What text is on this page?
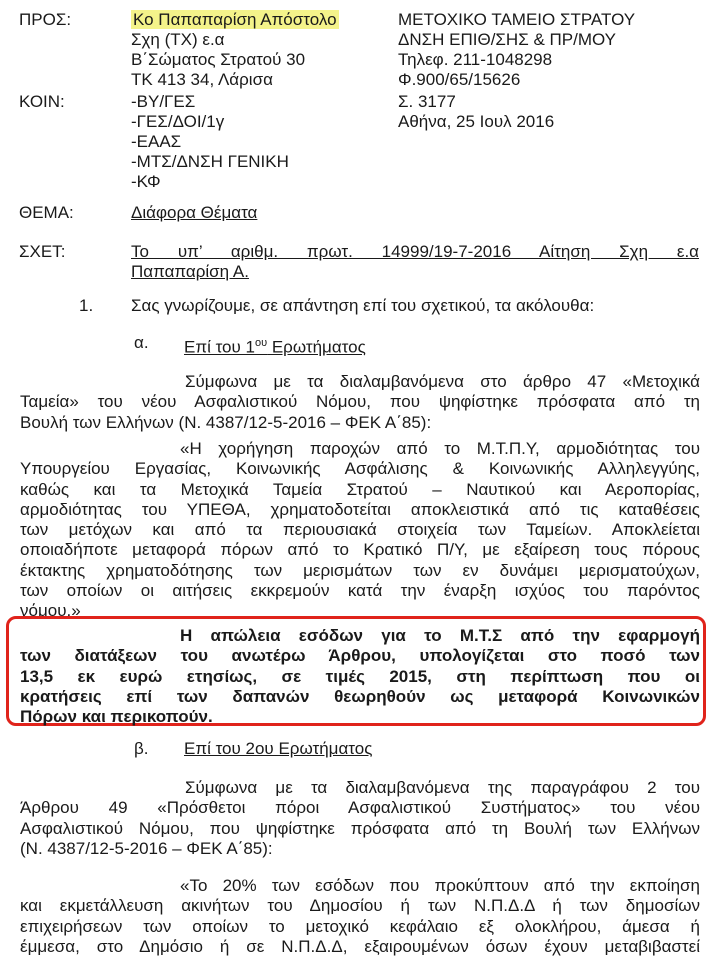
ΠΡΟΣ:	Κο Παπαπαρίση Απόστολο
Σχη (ΤΧ) ε.α
Β΄Σώματος Στρατού 30
ΤΚ 413 34, Λάρισα
ΚΟΙΝ:	-ΒΥ/ΓΕΣ
-ΓΕΣ/ΔΟΙ/1γ
-ΕΑΑΣ
-ΜΤΣ/ΔΝΣΗ ΓΕΝΙΚΗ
-ΚΦ
ΜΕΤΟΧΙΚΟ ΤΑΜΕΙΟ ΣΤΡΑΤΟΥ
ΔΝΣΗ ΕΠΙΘ/ΣΗΣ & ΠΡ/ΜΟΥ
Τηλεφ. 211-1048298
Φ.900/65/15626
Σ. 3177
Αθήνα, 25 Ιουλ 2016
ΘΕΜΑ:	Διάφορα Θέματα
ΣΧΕΤ:	Το υπ’ αριθμ. πρωτ. 14999/19-7-2016 Αίτηση Σχη ε.α
Παπαπαρίση Α.
1. Σας γνωρίζουμε, σε απάντηση επί του σχετικού, τα ακόλουθα:
α. Επί του $1^{o\upsilon}$ Ερωτήματος
Σύμφωνα με τα διαλαμβανόμενα στο άρθρο 47 «Μετοχικά
Ταμεία» του νέου Ασφαλιστικού Νόμου, που ψηφίστηκε πρόσφατα από τη
Βουλή των Ελλήνων (Ν. 4387/12-5-2016 – ΦΕΚ Α΄85):
«Η χορήγηση παροχών από το Μ.Τ.Π.Υ, αρμοδιότητας του
Υπουργείου Εργασίας, Κοινωνικής Ασφάλισης & Κοινωνικής Αλληλεγγύης,
καθώς και τα Μετοχικά Ταμεία Στρατού – Ναυτικού και Αεροπορίας,
αρμοδιότητας του ΥΠΕΘΑ, χρηματοδοτείται αποκλειστικά από τις καταθέσεις
των μετόχων και από τα περιουσιακά στοιχεία των Ταμείων. Αποκλείεται
οποιαδήποτε μεταφορά πόρων από το Κρατικό Π/Υ, με εξαίρεση τους πόρους
έκτακτης χρηματοδότησης των μερισμάτων των εν δυνάμει μερισματούχων,
των οποίων οι αιτήσεις εκκρεμούν κατά την έναρξη ισχύος του παρόντος
νόμου.»
Η απώλεια εσόδων για το Μ.Τ.Σ από την εφαρμογή
των διατάξεων του ανωτέρω Άρθρου, υπολογίζεται στο ποσό των
13,5 εκ ευρώ ετησίως, σε τιμές 2015, στη περίπτωση που οι
κρατήσεις επί των δαπανών θεωρηθούν ως μεταφορά Κοινωνικών
Πόρων και περικοπούν.
β. Επί του 2ου Ερωτήματος
Σύμφωνα με τα διαλαμβανόμενα της παραγράφου 2 του
Άρθρου 49 «Πρόσθετοι πόροι Ασφαλιστικού Συστήματος» του νέου
Ασφαλιστικού Νόμου, που ψηφίστηκε πρόσφατα από τη Βουλή των Ελλήνων
(Ν. 4387/12-5-2016 – ΦΕΚ Α΄85):
«Το 20% των εσόδων που προκύπτουν από την εκποίηση
και εκμετάλλευση ακινήτων του Δημοσίου ή των Ν.Π.Δ.Δ ή των δημοσίων
επιχειρήσεων των οποίων το μετοχικό κεφάλαιο εξ ολοκλήρου, άμεσα ή
έμμεσα, στο Δημόσιο ή σε Ν.Π.Δ.Δ, εξαιρουμένων όσων έχουν μεταβιβαστεί
